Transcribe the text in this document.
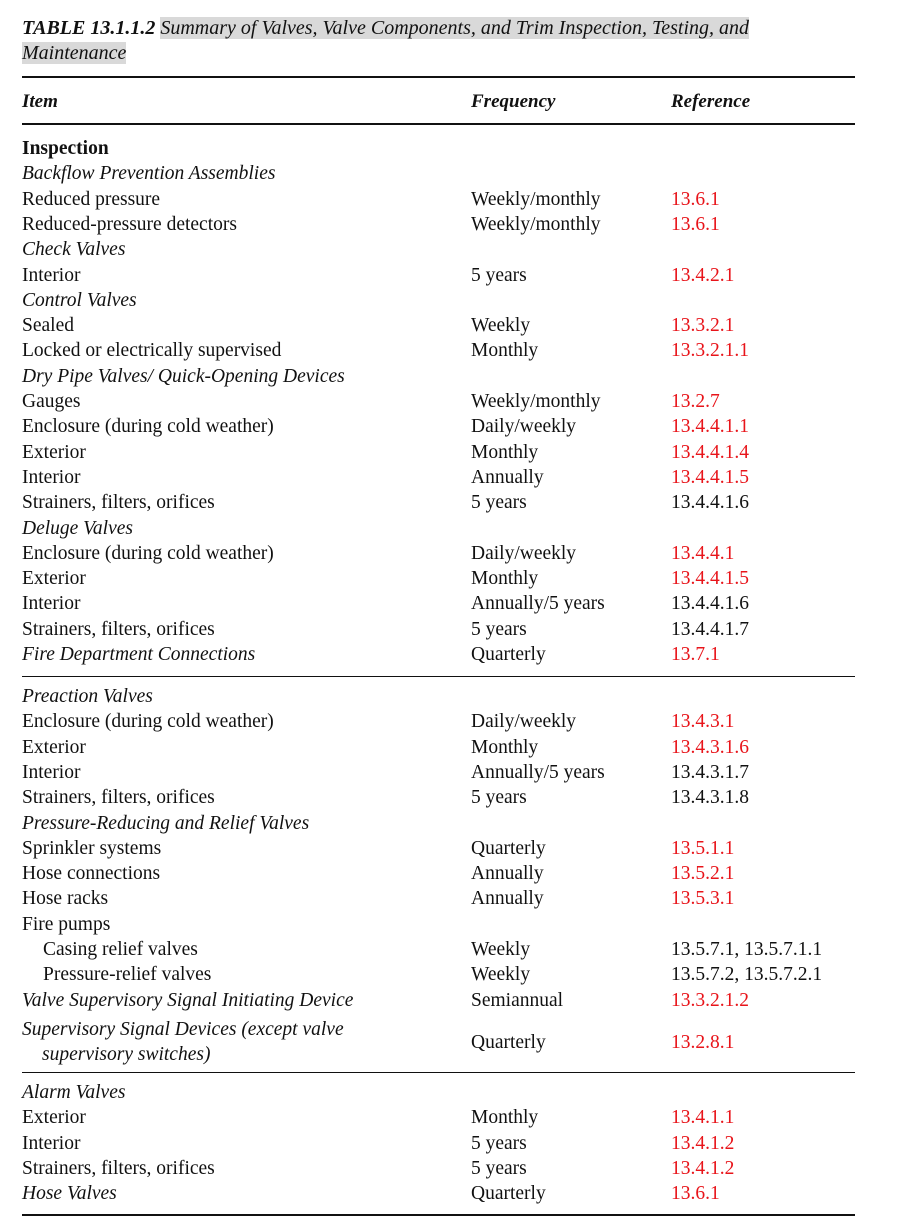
TABLE 13.1.1.2 Summary of Valves, Valve Components, and Trim Inspection, Testing, and Maintenance
Item	Frequency	Reference
Inspection
Backflow Prevention Assemblies
Reduced pressure	Weekly/monthly	13.6.1
Reduced-pressure detectors	Weekly/monthly	13.6.1
Check Valves
Interior	5 years	13.4.2.1
Control Valves
Sealed	Weekly	13.3.2.1
Locked or electrically supervised	Monthly	13.3.2.1.1
Dry Pipe Valves/ Quick-Opening Devices
Gauges	Weekly/monthly	13.2.7
Enclosure (during cold weather)	Daily/weekly	13.4.4.1.1
Exterior	Monthly	13.4.4.1.4
Interior	Annually	13.4.4.1.5
Strainers, filters, orifices	5 years	13.4.4.1.6
Deluge Valves
Enclosure (during cold weather)	Daily/weekly	13.4.4.1
Exterior	Monthly	13.4.4.1.5
Interior	Annually/5 years	13.4.4.1.6
Strainers, filters, orifices	5 years	13.4.4.1.7
Fire Department Connections	Quarterly	13.7.1
Preaction Valves
Enclosure (during cold weather)	Daily/weekly	13.4.3.1
Exterior	Monthly	13.4.3.1.6
Interior	Annually/5 years	13.4.3.1.7
Strainers, filters, orifices	5 years	13.4.3.1.8
Pressure-Reducing and Relief Valves
Sprinkler systems	Quarterly	13.5.1.1
Hose connections	Annually	13.5.2.1
Hose racks	Annually	13.5.3.1
Fire pumps
Casing relief valves	Weekly	13.5.7.1, 13.5.7.1.1
Pressure-relief valves	Weekly	13.5.7.2, 13.5.7.2.1
Valve Supervisory Signal Initiating Device	Semiannual	13.3.2.1.2
Supervisory Signal Devices (except valve
supervisory switches)
Quarterly	13.2.8.1
Alarm Valves
Exterior	Monthly	13.4.1.1
Interior	5 years	13.4.1.2
Strainers, filters, orifices	5 years	13.4.1.2
Hose Valves	Quarterly	13.6.1
